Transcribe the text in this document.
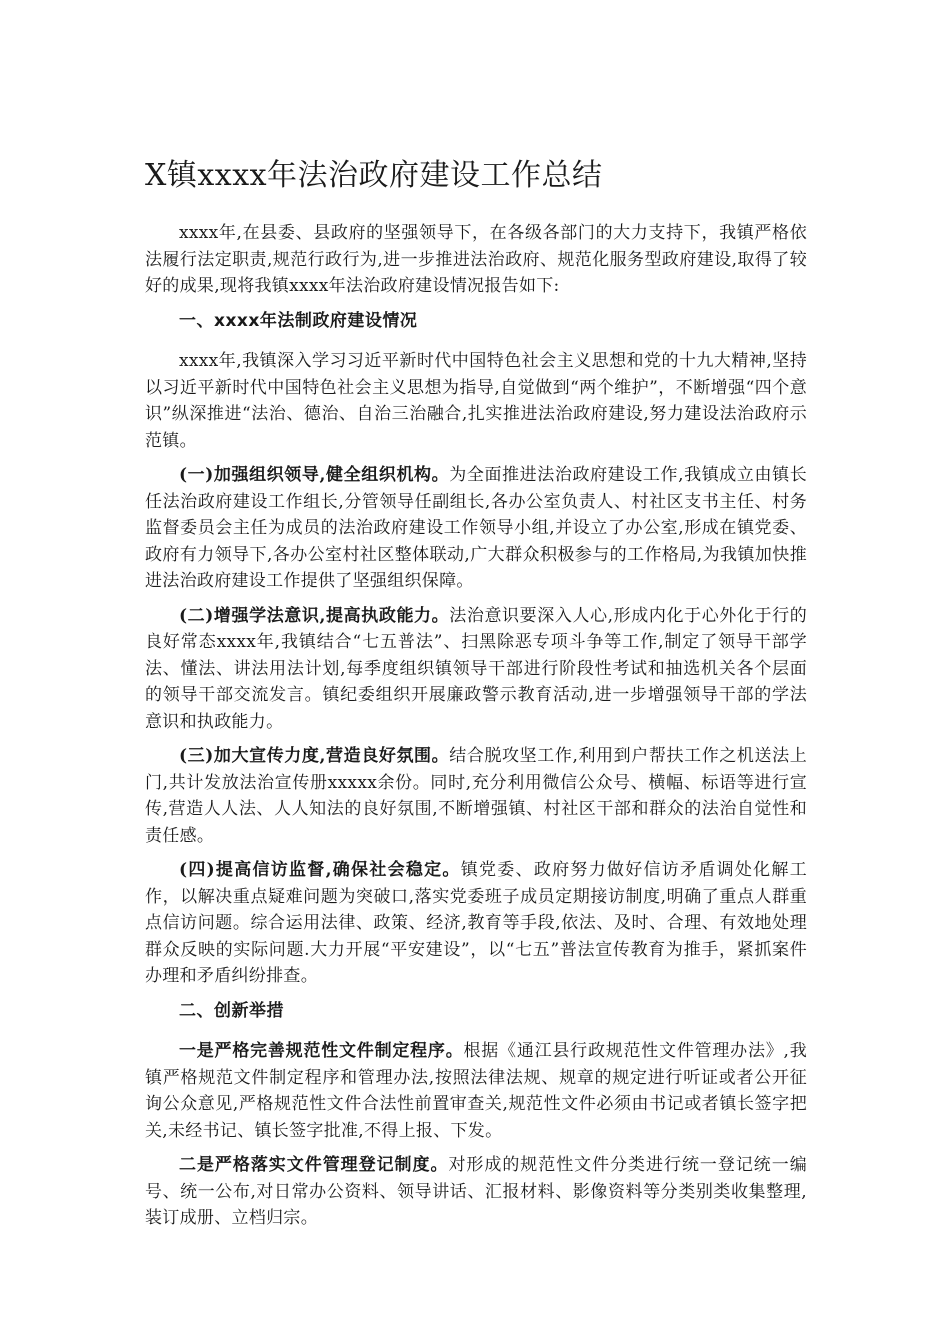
X镇xxxx年法治政府建设工作总结

xxxx年,在县委、县政府的坚强领导下，在各级各部门的大力支持下，我镇严格依法履行法定职责,规范行政行为,进一步推进法治政府、规范化服务型政府建设,取得了较好的成果,现将我镇xxxx年法治政府建设情况报告如下:

一、xxxx年法制政府建设情况

xxxx年,我镇深入学习习近平新时代中国特色社会主义思想和党的十九大精神,坚持以习近平新时代中国特色社会主义思想为指导,自觉做到“两个维护”，不断增强“四个意识”纵深推进“法治、德治、自治三治融合,扎实推进法治政府建设,努力建设法治政府示范镇。

(一)加强组织领导,健全组织机构。为全面推进法治政府建设工作,我镇成立由镇长任法治政府建设工作组长,分管领导任副组长,各办公室负责人、村社区支书主任、村务监督委员会主任为成员的法治政府建设工作领导小组,并设立了办公室,形成在镇党委、政府有力领导下,各办公室村社区整体联动,广大群众积极参与的工作格局,为我镇加快推进法治政府建设工作提供了坚强组织保障。

(二)增强学法意识,提高执政能力。法治意识要深入人心,形成内化于心外化于行的良好常态xxxx年,我镇结合“七五普法”、扫黑除恶专项斗争等工作,制定了领导干部学法、懂法、讲法用法计划,每季度组织镇领导干部进行阶段性考试和抽选机关各个层面的领导干部交流发言。镇纪委组织开展廉政警示教育活动,进一步增强领导干部的学法意识和执政能力。

(三)加大宣传力度,营造良好氛围。结合脱攻坚工作,利用到户帮扶工作之机送法上门,共计发放法治宣传册xxxxx余份。同时,充分利用微信公众号、横幅、标语等进行宣传,营造人人法、人人知法的良好氛围,不断增强镇、村社区干部和群众的法治自觉性和责任感。

(四)提高信访监督,确保社会稳定。镇党委、政府努力做好信访矛盾调处化解工作，以解决重点疑难问题为突破口,落实党委班子成员定期接访制度,明确了重点人群重点信访问题。综合运用法律、政策、经济,教育等手段,依法、及时、合理、有效地处理群众反映的实际问题.大力开展“平安建设”，以“七五”普法宣传教育为推手，紧抓案件办理和矛盾纠纷排查。

二、创新举措

一是严格完善规范性文件制定程序。根据《通江县行政规范性文件管理办法》,我镇严格规范文件制定程序和管理办法,按照法律法规、规章的规定进行听证或者公开征询公众意见,严格规范性文件合法性前置审查关,规范性文件必须由书记或者镇长签字把关,未经书记、镇长签字批准,不得上报、下发。

二是严格落实文件管理登记制度。对形成的规范性文件分类进行统一登记统一编号、统一公布,对日常办公资料、领导讲话、汇报材料、影像资料等分类别类收集整理,装订成册、立档归宗。
